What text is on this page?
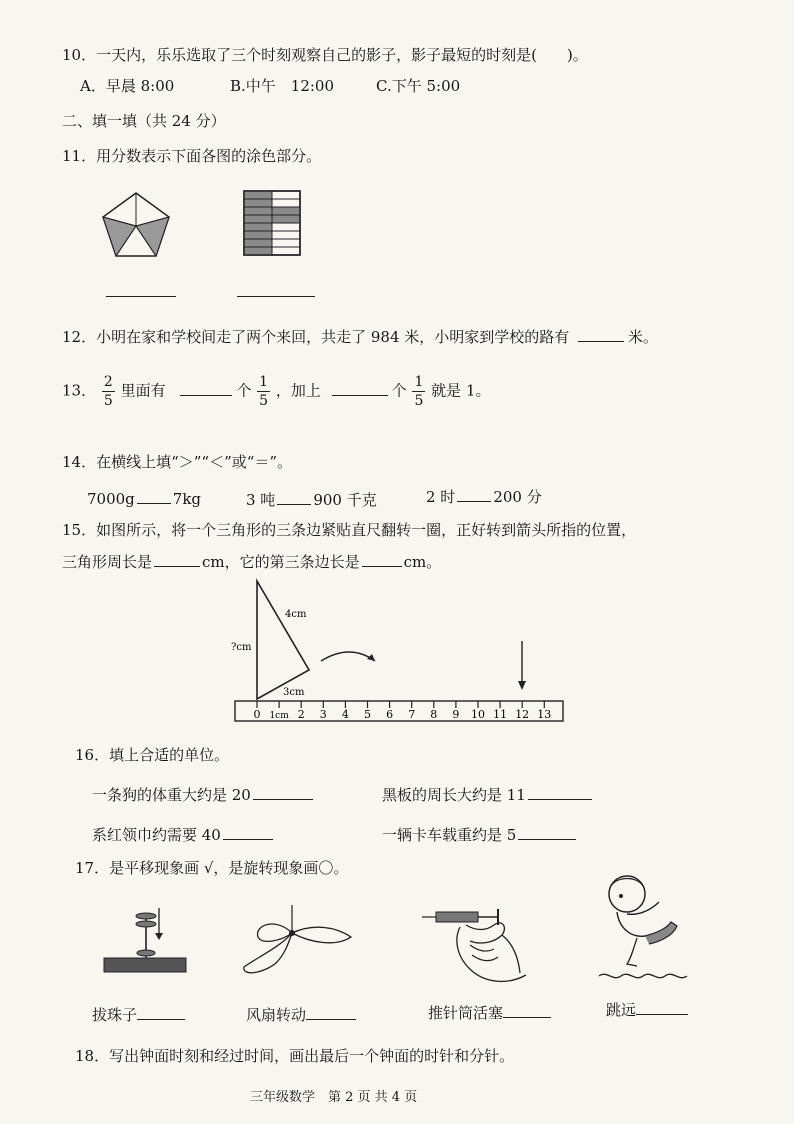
10．一天内，乐乐选取了三个时刻观察自己的影子，影子最短的时刻是(　　)。
A．早晨 8:00	B.中午　12:00	C.下午 5:00
二、填一填（共 24 分）
11．用分数表示下面各图的涂色部分。
12．小明在家和学校间走了两个来回，共走了 984 米，小明家到学校的路有	米。
13． $\frac{2}{5}$ 里面有	个 $\frac{1}{5}$ ，加上	个 $\frac{1}{5}$ 就是 1。
14．在横线上填“＞”“＜”或“＝”。
7000g	7kg	3 吨	900 千克	2 时	200 分
15．如图所示，将一个三角形的三条边紧贴直尺翻转一圈，正好转到箭头所指的位置，
三角形周长是	cm，它的第三条边长是	cm。
4cm
?cm
3cm
0 1cm 2 3 4 5 6 7 8 9 10 11 12 13
16．填上合适的单位。
一条狗的体重大约是 20	黑板的周长大约是 11
系红领巾约需要 40	一辆卡车载重约是 5
17．是平移现象画 √，是旋转现象画〇。
拔珠子	风扇转动	推针筒活塞	跳远
18．写出钟面时刻和经过时间，画出最后一个钟面的时针和分针。
三年级数学　第 2 页 共 4 页
